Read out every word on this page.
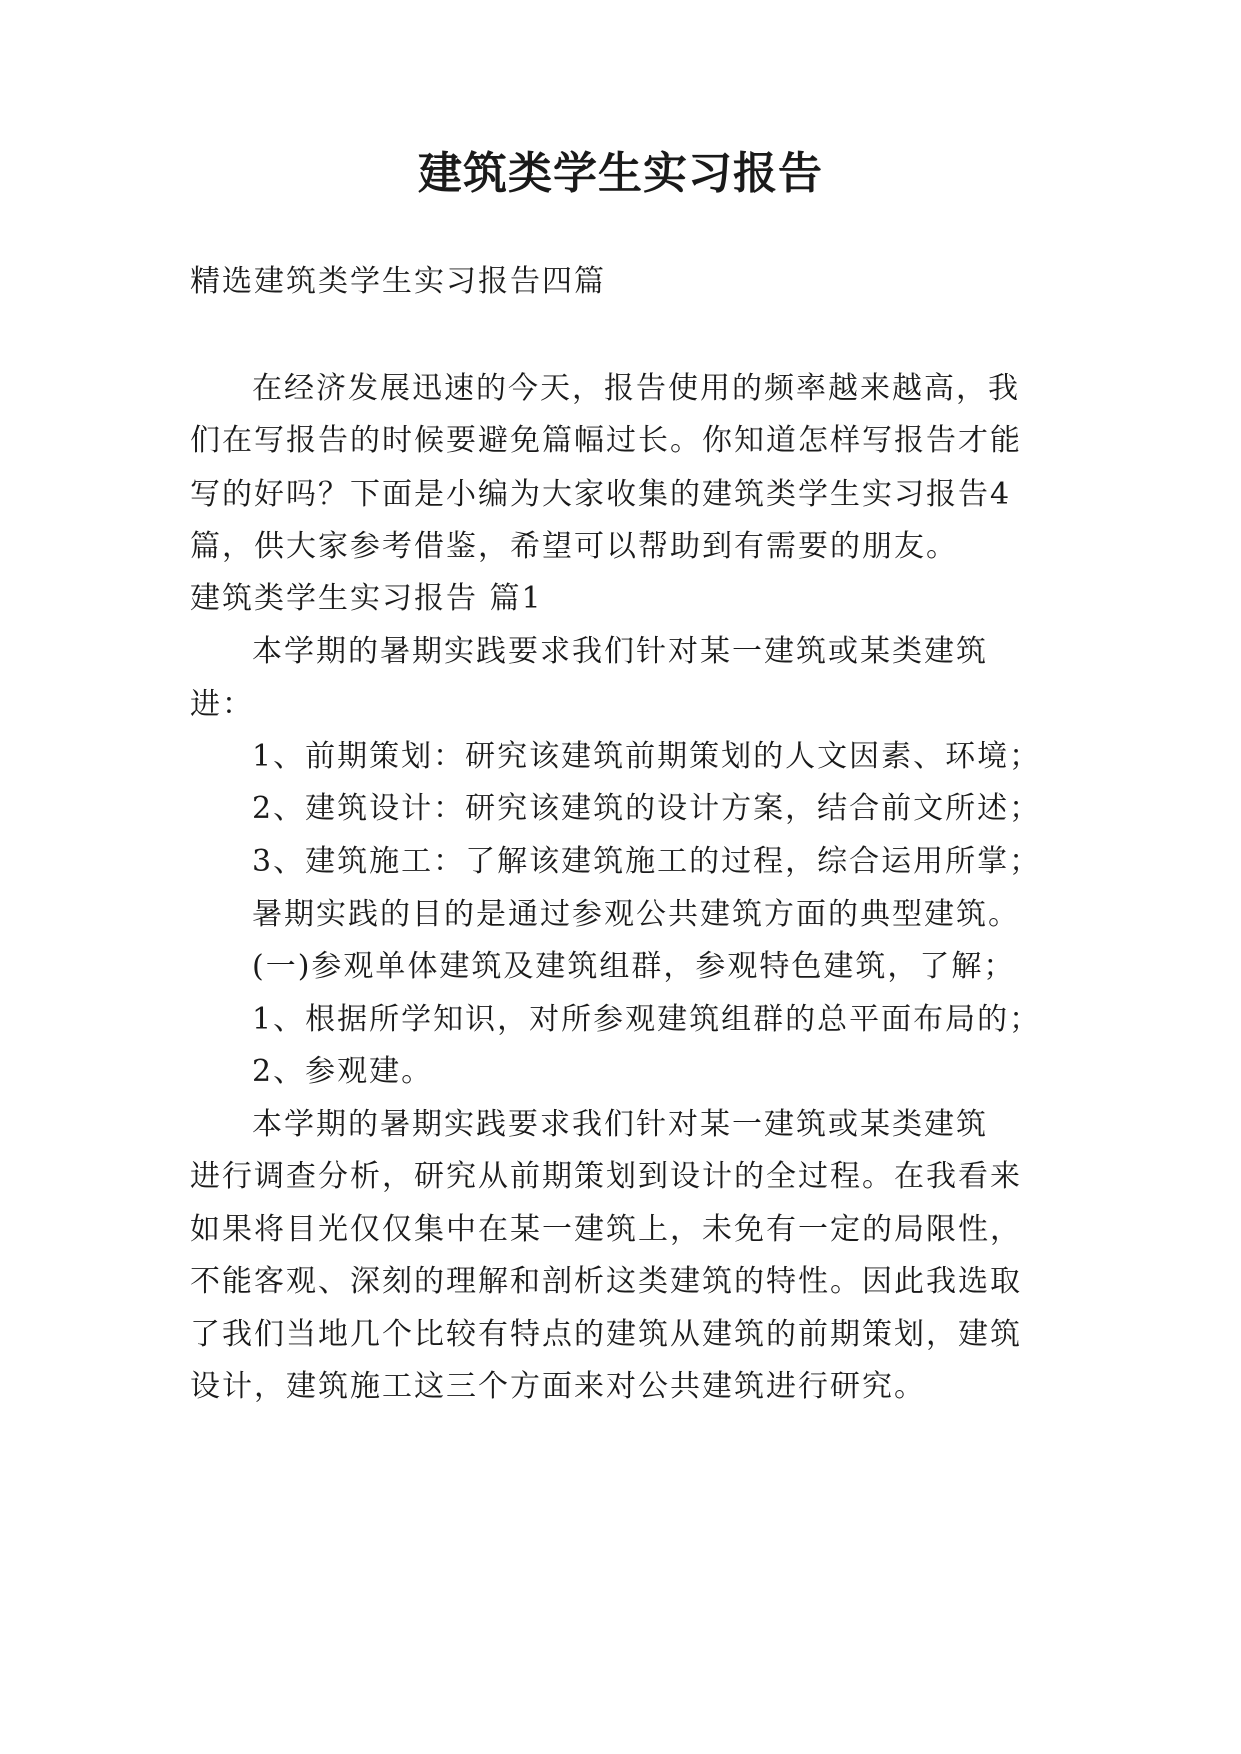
建筑类学生实习报告
精选建筑类学生实习报告四篇
在经济发展迅速的今天，报告使用的频率越来越高，我
们在写报告的时候要避免篇幅过长。你知道怎样写报告才能
写的好吗？下面是小编为大家收集的建筑类学生实习报告4
篇，供大家参考借鉴，希望可以帮助到有需要的朋友。
建筑类学生实习报告 篇1
本学期的暑期实践要求我们针对某一建筑或某类建筑
进：
1、前期策划：研究该建筑前期策划的人文因素、环境；
2、建筑设计：研究该建筑的设计方案，结合前文所述；
3、建筑施工：了解该建筑施工的过程，综合运用所掌；
暑期实践的目的是通过参观公共建筑方面的典型建筑。
(一)参观单体建筑及建筑组群，参观特色建筑，了解；
1、根据所学知识，对所参观建筑组群的总平面布局的；
2、参观建。
本学期的暑期实践要求我们针对某一建筑或某类建筑
进行调查分析，研究从前期策划到设计的全过程。在我看来
如果将目光仅仅集中在某一建筑上，未免有一定的局限性，
不能客观、深刻的理解和剖析这类建筑的特性。因此我选取
了我们当地几个比较有特点的建筑从建筑的前期策划，建筑
设计，建筑施工这三个方面来对公共建筑进行研究。
